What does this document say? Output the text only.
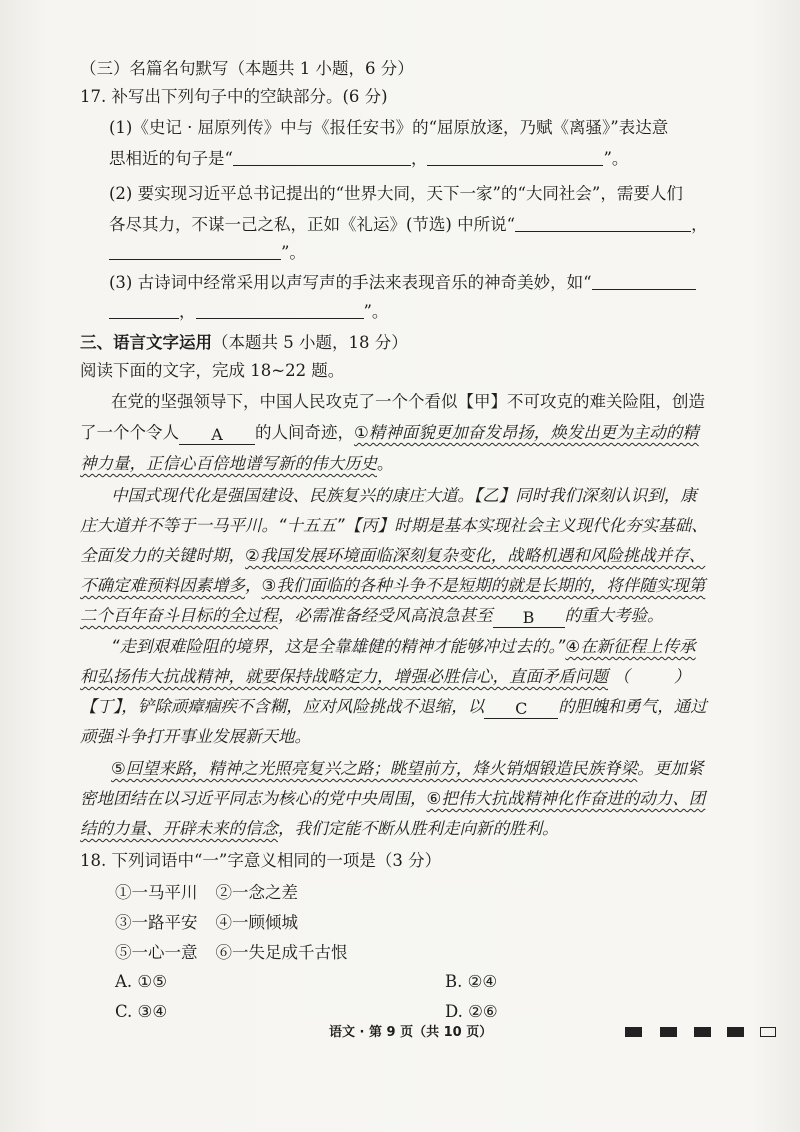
（三）名篇名句默写（本题共 1 小题，6 分）
17. 补写出下列句子中的空缺部分。(6 分)
(1)《史记 · 屈原列传》中与《报任安书》的“屈原放逐，乃赋《离骚》”表达意
思相近的句子是“	，	”。
(2) 要实现习近平总书记提出的“世界大同，天下一家”的“大同社会”，需要人们
各尽其力，不谋一己之私，正如《礼运》(节选) 中所说“	，
”。
(3) 古诗词中经常采用以声写声的手法来表现音乐的神奇美妙，如“
，	”。
三、语言文字运用（本题共 5 小题，18 分）
阅读下面的文字，完成 18~22 题。
在党的坚强领导下，中国人民攻克了一个个看似【甲】不可攻克的难关险阻，创造
了一个个令人 A 的人间奇迹，①精神面貌更加奋发昂扬，焕发出更为主动的精
神力量，正信心百倍地谱写新的伟大历史。
中国式现代化是强国建设、民族复兴的康庄大道。【乙】同时我们深刻认识到，康
庄大道并不等于一马平川。“十五五”【丙】时期是基本实现社会主义现代化夯实基础、
全面发力的关键时期，②我国发展环境面临深刻复杂变化，战略机遇和风险挑战并存、
不确定难预料因素增多，③我们面临的各种斗争不是短期的就是长期的，将伴随实现第
二个百年奋斗目标的全过程，必需准备经受风高浪急甚至 B 的重大考验。
“走到艰难险阻的境界，这是全靠雄健的精神才能够冲过去的。”④在新征程上传承
和弘扬伟大抗战精神，就要保持战略定力，增强必胜信心，直面矛盾问题 （	）
【丁】，铲除顽瘴痼疾不含糊，应对风险挑战不退缩，以 C 的胆魄和勇气，通过
顽强斗争打开事业发展新天地。
⑤回望来路，精神之光照亮复兴之路；眺望前方，烽火销烟锻造民族脊梁。更加紧
密地团结在以习近平同志为核心的党中央周围，⑥把伟大抗战精神化作奋进的动力、团
结的力量、开辟未来的信念，我们定能不断从胜利走向新的胜利。
18. 下列词语中“一”字意义相同的一项是（3 分）
①一马平川 ②一念之差
③一路平安 ④一顾倾城
⑤一心一意 ⑥一失足成千古恨
A. ①⑤	B. ②④
C. ③④	D. ②⑥
语文 · 第 9 页（共 10 页）
